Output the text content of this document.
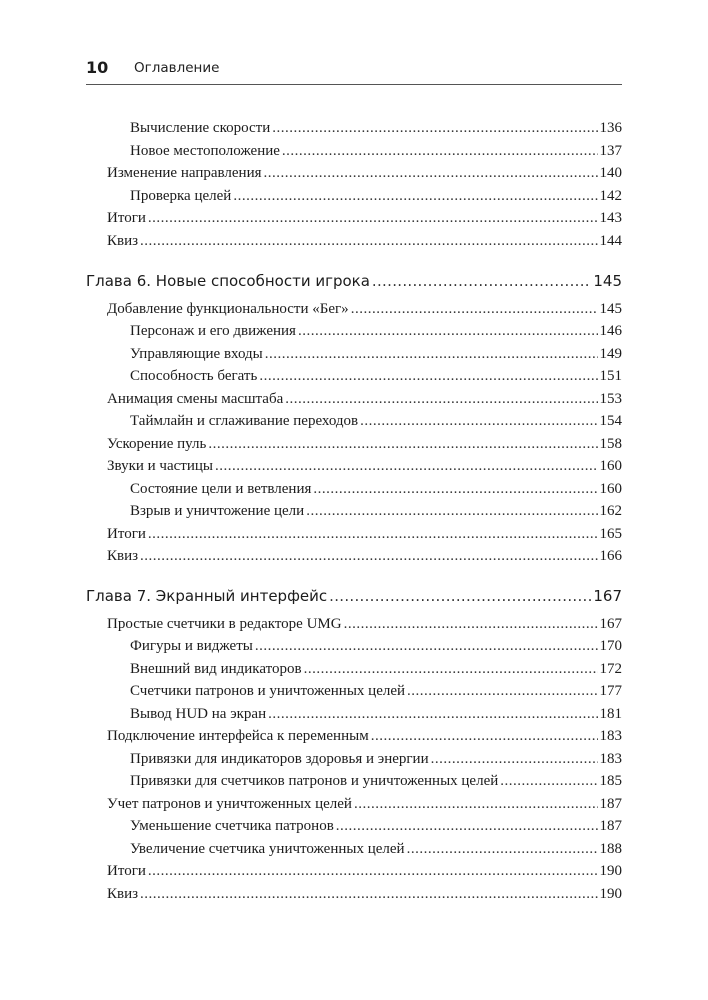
10 Оглавление
Вычисление скорости .....	136
Новое местоположение .....	137
Изменение направления .....	140
Проверка целей .....	142
Итоги .....	143
Квиз .....	144
Глава 6. Новые способности игрока .....	145
Добавление функциональности «Бег» .....	145
Персонаж и его движения .....	146
Управляющие входы .....	149
Способность бегать .....	151
Анимация смены масштаба .....	153
Таймлайн и сглаживание переходов .....	154
Ускорение пуль .....	158
Звуки и частицы .....	160
Состояние цели и ветвления .....	160
Взрыв и уничтожение цели .....	162
Итоги .....	165
Квиз .....	166
Глава 7. Экранный интерфейс .....	167
Простые счетчики в редакторе UMG .....	167
Фигуры и виджеты .....	170
Внешний вид индикаторов .....	172
Счетчики патронов и уничтоженных целей .....	177
Вывод HUD на экран .....	181
Подключение интерфейса к переменным .....	183
Привязки для индикаторов здоровья и энергии .....	183
Привязки для счетчиков патронов и уничтоженных целей .....	185
Учет патронов и уничтоженных целей .....	187
Уменьшение счетчика патронов .....	187
Увеличение счетчика уничтоженных целей .....	188
Итоги .....	190
Квиз .....	190
